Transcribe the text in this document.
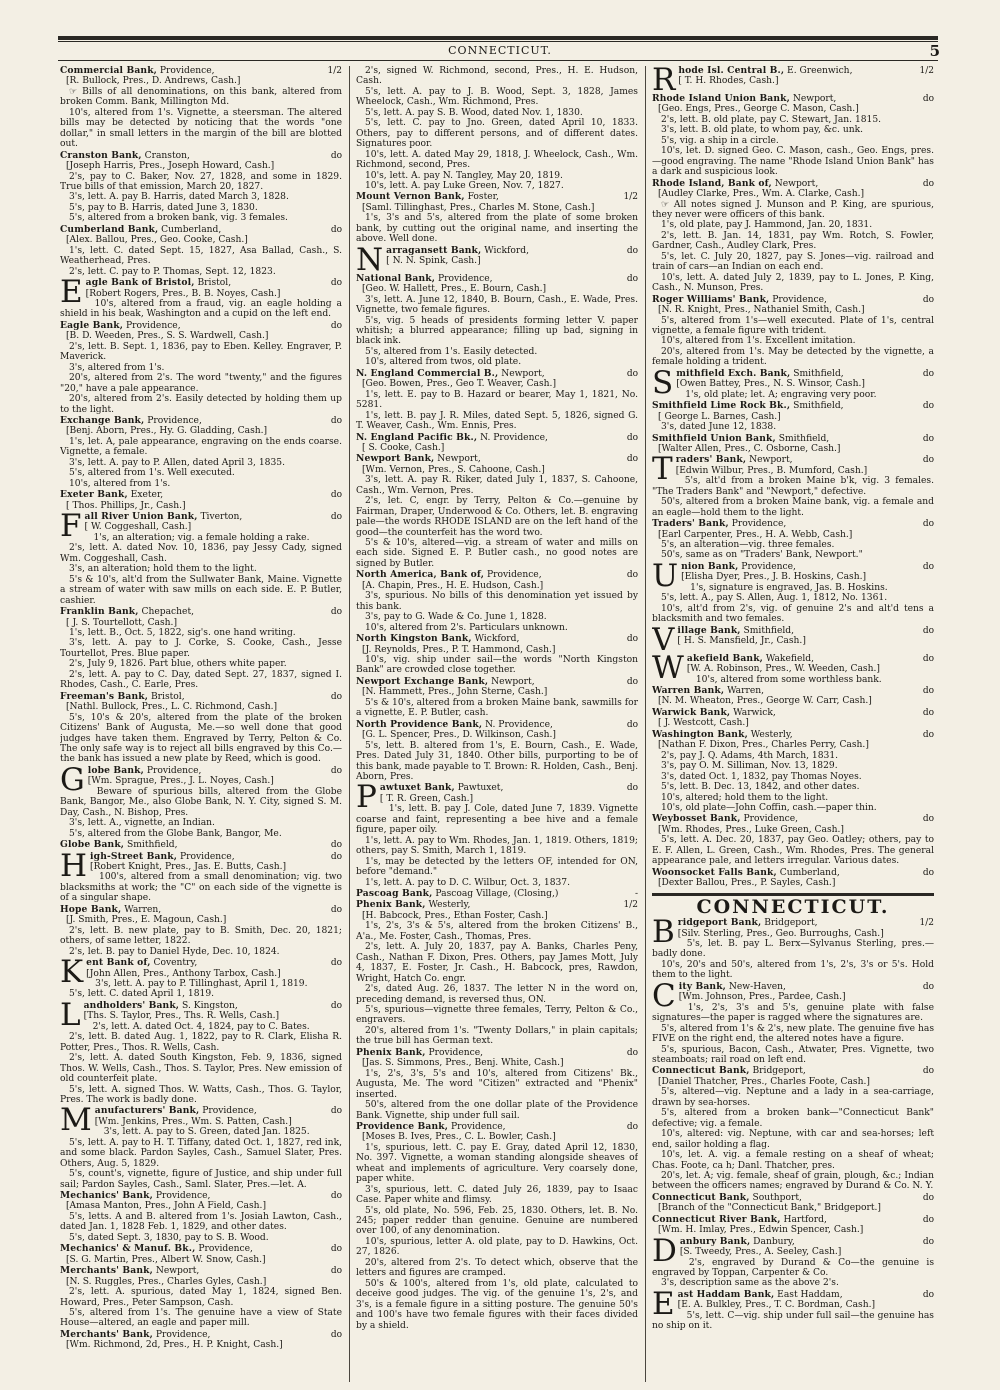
CONNECTICUT.	5
Commercial Bank, Providence,	1/2
[R. Bullock, Pres., D. Andrews, Cash.]
☞ Bills of all denominations, on this bank, altered from broken Comm. Bank, Millington Md.
10's, altered from 1's. Vignette, a steersman. The altered bills may be detected by noticing that the words "one dollar," in small letters in the margin of the bill are blotted out.
Cranston Bank, Cranston,	do
[Joseph Harris, Pres., Joseph Howard, Cash.]
2's, pay to C. Baker, Nov. 27, 1828, and some in 1829. True bills of that emission, March 20, 1827.
3's, lett. A. pay B. Harris, dated March 3, 1828.
5's, pay to B. Harris, dated June 3, 1830.
5's, altered from a broken bank, vig. 3 females.
Cumberland Bank, Cumberland,	do
[Alex. Ballou, Pres., Geo. Cooke, Cash.]
1's, lett. C. dated Sept. 15, 1827, Asa Ballad, Cash., S. Weatherhead, Pres.
2's, lett. C. pay to P. Thomas, Sept. 12, 1823.
Eagle Bank of Bristol, Bristol,	do
[Robert Rogers, Pres., B. B. Noyes, Cash.]
10's, altered from a fraud, vig. an eagle holding a shield in his beak, Washington and a cupid on the left end.
Eagle Bank, Providence,	do
[B. D. Weeden, Pres., S. S. Wardwell, Cash.]
2's, lett. B. Sept. 1, 1836, pay to Eben. Kelley. Engraver, P. Maverick.
3's, altered from 1's.
20's, altered from 2's. The word "twenty," and the figures "20," have a pale appearance.
20's, altered from 2's. Easily detected by holding them up to the light.
Exchange Bank, Providence,	do
[Benj. Aborn, Pres., Hy. G. Gladding, Cash.]
1's, let. A, pale appearance, engraving on the ends coarse. Vignette, a female.
3's, lett. A. pay to P. Allen, dated April 3, 1835.
5's, altered from 1's. Well executed.
10's, altered from 1's.
Exeter Bank, Exeter,	do
[ Thos. Phillips, Jr., Cash.]
Fall River Union Bank, Tiverton,	do
[ W. Coggeshall, Cash.]
1's, an alteration; vig. a female holding a rake.
2's, lett. A. dated Nov. 10, 1836, pay Jessy Cady, signed Wm. Coggeshall, Cash.
3's, an alteration; hold them to the light.
5's & 10's, alt'd from the Sullwater Bank, Maine. Vignette a stream of water with saw mills on each side. E. P. Butler, cashier.
Franklin Bank, Chepachet,	do
[ J. S. Tourtellott, Cash.]
1's, lett. B., Oct. 5, 1822, sig's. one hand writing.
3's, lett. A. pay to J. Corke, S. Cooke, Cash., Jesse Tourtellot, Pres. Blue paper.
2's, July 9, 1826. Part blue, others white paper.
2's, lett. A. pay to C. Day, dated Sept. 27, 1837, signed I. Rhodes, Cash., C. Earle, Pres.
Freeman's Bank, Bristol,	do
[Nathl. Bullock, Pres., L. C. Richmond, Cash.]
5's, 10's & 20's, altered from the plate of the broken Citizens' Bank of Augusta, Me.—so well done that good judges have taken them. Engraved by Terry, Pelton & Co. The only safe way is to reject all bills engraved by this Co.—the bank has issued a new plate by Reed, which is good.
Globe Bank, Providence,	do
[Wm. Sprague, Pres., J. L. Noyes, Cash.]
Beware of spurious bills, altered from the Globe Bank, Bangor, Me., also Globe Bank, N. Y. City, signed S. M. Day, Cash., N. Bishop, Pres.
3's, lett. A., vignette, an Indian.
5's, altered from the Globe Bank, Bangor, Me.
Globe Bank, Smithfield,	do
High-Street Bank, Providence,	do
[Robert Knight, Pres., Jas. E. Butts, Cash.]
100's, altered from a small denomination; vig. two blacksmiths at work; the "C" on each side of the vignette is of a singular shape.
Hope Bank, Warren,	do
[J. Smith, Pres., E. Magoun, Cash.]
2's, lett. B. new plate, pay to B. Smith, Dec. 20, 1821; others, of same letter, 1822.
2's, let. B. pay to Daniel Hyde, Dec. 10, 1824.
Kent Bank of, Coventry,	do
[John Allen, Pres., Anthony Tarbox, Cash.]
3's, lett. A. pay to P. Tillinghast, April 1, 1819.
5's, lett. C. dated April 1, 1819.
Landholders' Bank, S. Kingston,	do
[Ths. S. Taylor, Pres., Ths. R. Wells, Cash.]
2's, lett. A. dated Oct. 4, 1824, pay to C. Bates.
2's, lett. B. dated Aug. 1, 1822, pay to R. Clark, Elisha R. Potter, Pres., Thos. R. Wells, Cash.
2's, lett. A. dated South Kingston, Feb. 9, 1836, signed Thos. W. Wells, Cash., Thos. S. Taylor, Pres. New emission of old counterfeit plate.
5's, lett. A. signed Thos. W. Watts, Cash., Thos. G. Taylor, Pres. The work is badly done.
Manufacturers' Bank, Providence,	do
[Wm. Jenkins, Pres., Wm. S. Patten, Cash.]
3's, lett. A. pay to S. Green, dated Jan. 1825.
5's, lett. A. pay to H. T. Tiffany, dated Oct. 1, 1827, red ink, and some black. Pardon Sayles, Cash., Samuel Slater, Pres. Others, Aug. 5, 1829.
5's, count's, vignette, figure of Justice, and ship under full sail; Pardon Sayles, Cash., Saml. Slater, Pres.—let. A.
Mechanics' Bank, Providence,	do
[Amasa Manton, Pres., John A Field, Cash.]
5's, letts. A and B. altered from 1's. Josiah Lawton, Cash., dated Jan. 1, 1828 Feb. 1, 1829, and other dates.
5's, dated Sept. 3, 1830, pay to S. B. Wood.
Mechanics' & Manuf. Bk., Providence,	do
[S. G. Martin, Pres., Albert W. Snow, Cash.]
Merchants' Bank, Newport,	do
[N. S. Ruggles, Pres., Charles Gyles, Cash.]
2's, lett. A. spurious, dated May 1, 1824, signed Ben. Howard, Pres., Peter Sampson, Cash.
5's, altered from 1's. The genuine have a view of State House—altered, an eagle and paper mill.
Merchants' Bank, Providence,	do
[Wm. Richmond, 2d, Pres., H. P. Knight, Cash.]
2's, signed W. Richmond, second, Pres., H. E. Hudson, Cash.
5's, lett. A. pay to J. B. Wood, Sept. 3, 1828, James Wheelock, Cash., Wm. Richmond, Pres.
5's, lett. A. pay S. B. Wood, dated Nov. 1, 1830.
5's, lett. C. pay to Jno. Green, dated April 10, 1833. Others, pay to different persons, and of different dates. Signatures poor.
10's, lett. A. dated May 29, 1818, J. Wheelock, Cash., Wm. Richmond, second, Pres.
10's, lett. A. pay N. Tangley, May 20, 1819.
10's, lett. A. pay Luke Green, Nov. 7, 1827.
Mount Vernon Bank, Foster,	1/2
[Saml. Tillinghast, Pres., Charles M. Stone, Cash.]
1's, 3's and 5's, altered from the plate of some broken bank, by cutting out the original name, and inserting the above. Well done.
Narragansett Bank, Wickford,	do
[ N. N. Spink, Cash.]
National Bank, Providence,	do
[Geo. W. Hallett, Pres., E. Bourn, Cash.]
3's, lett. A. June 12, 1840, B. Bourn, Cash., E. Wade, Pres. Vignette, two female figures.
5's, vig. 5 heads of presidents forming letter V. paper whitish; a blurred appearance; filling up bad, signing in black ink.
5's, altered from 1's. Easily detected.
10's, altered from twos, old plate.
N. England Commercial B., Newport,	do
[Geo. Bowen, Pres., Geo T. Weaver, Cash.]
1's, lett. E. pay to B. Hazard or bearer, May 1, 1821, No. 5281.
1's, lett. B. pay J. R. Miles, dated Sept. 5, 1826, signed G. T. Weaver, Cash., Wm. Ennis, Pres.
N. England Pacific Bk., N. Providence,	do
[ S. Cooke, Cash.]
Newport Bank, Newport,	do
[Wm. Vernon, Pres., S. Cahoone, Cash.]
3's, lett. A. pay R. Riker, dated July 1, 1837, S. Cahoone, Cash., Wm. Vernon, Pres.
2's, let. C, engr. by Terry, Pelton & Co.—genuine by Fairman, Draper, Underwood & Co. Others, let. B. engraving pale—the words RHODE ISLAND are on the left hand of the good—the counterfeit has the word two.
5's & 10's, altered—vig. a stream of water and mills on each side. Signed E. P. Butler cash., no good notes are signed by Butler.
North America, Bank of, Providence,	do
[A. Chapin, Pres., H. E. Hudson, Cash.]
3's, spurious. No bills of this denomination yet issued by this bank.
3's, pay to G. Wade & Co. June 1, 1828.
10's, altered from 2's. Particulars unknown.
North Kingston Bank, Wickford,	do
[J. Reynolds, Pres., P. T. Hammond, Cash.]
10's, vig. ship under sail—the words "North Kingston Bank" are crowded close together.
Newport Exchange Bank, Newport,	do
[N. Hammett, Pres., John Sterne, Cash.]
5's & 10's, altered from a broken Maine bank, sawmills for a vignette, E. P. Butler, cash.
North Providence Bank, N. Providence,	do
[G. L. Spencer, Pres., D. Wilkinson, Cash.]
5's, lett. B. altered from 1's, E. Bourn, Cash., E. Wade, Pres. Dated July 31, 1840. Other bills, purporting to be of this bank, made payable to T. Brown: R. Holden, Cash., Benj. Aborn, Pres.
Pawtuxet Bank, Pawtuxet,	do
[ T. R. Green, Cash.]
1's, lett. B. pay J. Cole, dated June 7, 1839. Vignette coarse and faint, representing a bee hive and a female figure, paper oily.
1's, lett. A. pay to Wm. Rhodes, Jan. 1, 1819. Others, 1819; others, pay S. Smith, March 1, 1819.
1's, may be detected by the letters OF, intended for ON, before "demand."
1's, lett. A. pay to D. C. Wilbur, Oct. 3, 1837.
Pascoag Bank, Pascoag Village, (Closing,)	-
Phenix Bank, Westerly,	1/2
[H. Babcock, Pres., Ethan Foster, Cash.]
1's, 2's, 3's & 5's, altered from the broken Citizens' B., A'a., Me. Foster, Cash., Thomas, Pres.
2's, lett. A. July 20, 1837, pay A. Banks, Charles Peny, Cash., Nathan F. Dixon, Pres. Others, pay James Mott, July 4, 1837, E. Foster, Jr. Cash., H. Babcock, pres, Rawdon, Wright, Hatch Co. engr.
2's, dated Aug. 26, 1837. The letter N in the word on, preceding demand, is reversed thus, ON.
5's, spurious—vignette three females, Terry, Pelton & Co., engravers.
20's, altered from 1's. "Twenty Dollars," in plain capitals; the true bill has German text.
Phenix Bank, Providence,	do
[Jas. S. Simmons, Pres., Benj. White, Cash.]
1's, 2's, 3's, 5's and 10's, altered from Citizens' Bk., Augusta, Me. The word "Citizen" extracted and "Phenix" inserted.
50's, altered from the one dollar plate of the Providence Bank. Vignette, ship under full sail.
Providence Bank, Providence,	do
[Moses B. Ives, Pres., C. L. Bowler, Cash.]
1's, spurious, lett. C. pay E. Gray, dated April 12, 1830, No. 397. Vignette, a woman standing alongside sheaves of wheat and implements of agriculture. Very coarsely done, paper white.
3's, spurious, lett. C. dated July 26, 1839, pay to Isaac Case. Paper white and flimsy.
5's, old plate, No. 596, Feb. 25, 1830. Others, let. B. No. 245; paper redder than genuine. Genuine are numbered over 100, of any denomination.
10's, spurious, letter A. old plate, pay to D. Hawkins, Oct. 27, 1826.
20's, altered from 2's. To detect which, observe that the letters and figures are cramped.
50's & 100's, altered from 1's, old plate, calculated to deceive good judges. The vig. of the genuine 1's, 2's, and 3's, is a female figure in a sitting posture. The genuine 50's and 100's have two female figures with their faces divided by a shield.
Rhode Isl. Central B., E. Greenwich,	1/2
[ T. H. Rhodes, Cash.]
Rhode Island Union Bank, Newport,	do
[Geo. Engs, Pres., George C. Mason, Cash.]
2's, lett. B. old plate, pay C. Stewart, Jan. 1815.
3's, lett. B. old plate, to whom pay, &c. unk.
5's, vig. a ship in a circle.
10's, let. D. signed Geo. C. Mason, cash., Geo. Engs, pres.—good engraving. The name "Rhode Island Union Bank" has a dark and suspicious look.
Rhode Island, Bank of, Newport,	do
[Audley Clarke, Pres., Wm. A. Clarke, Cash.]
☞ All notes signed J. Munson and P. King, are spurious, they never were officers of this bank.
1's, old plate, pay J. Hammond, Jan. 20, 1831.
2's, lett. B. Jan. 14, 1831, pay Wm. Rotch, S. Fowler, Gardner, Cash., Audley Clark, Pres.
5's, let. C. July 20, 1827, pay S. Jones—vig. railroad and train of cars—an Indian on each end.
10's, lett. A. dated July 2, 1839, pay to L. Jones, P. King, Cash., N. Munson, Pres.
Roger Williams' Bank, Providence,	do
[N. R. Knight, Pres., Nathaniel Smith, Cash.]
5's, altered from 1's—well executed. Plate of 1's, central vignette, a female figure with trident.
10's, altered from 1's. Excellent imitation.
20's, altered from 1's. May be detected by the vignette, a female holding a trident.
Smithfield Exch. Bank, Smithfield,	do
[Owen Battey, Pres., N. S. Winsor, Cash.]
1's, old plate; let. A; engraving very poor.
Smithfield Lime Rock Bk., Smithfield,	do
[ George L. Barnes, Cash.]
3's, dated June 12, 1838.
Smithfield Union Bank, Smithfield,	do
[Walter Allen, Pres., C. Osborne, Cash.]
Traders' Bank, Newport,	do
[Edwin Wilbur, Pres., B. Mumford, Cash.]
5's, alt'd from a broken Maine b'k, vig. 3 females. "The Traders Bank" and "Newport," defective.
50's, altered from a broken Maine bank, vig. a female and an eagle—hold them to the light.
Traders' Bank, Providence,	do
[Earl Carpenter, Pres., H. A. Webb, Cash.]
5's, an alteration—vig. three females.
50's, same as on "Traders' Bank, Newport."
Union Bank, Providence,	do
[Elisha Dyer, Pres., J. B. Hoskins, Cash.]
1's, signature is engraved, Jas. B. Hoskins.
5's, lett. A., pay S. Allen, Aug. 1, 1812, No. 1361.
10's, alt'd from 2's, vig. of genuine 2's and alt'd tens a blacksmith and two females.
Village Bank, Smithfield,	do
[ H. S. Mansfield, Jr., Cash.]
Wakefield Bank, Wakefield,	do
[W. A. Robinson, Pres., W. Weeden, Cash.]
10's, altered from some worthless bank.
Warren Bank, Warren,	do
[N. M. Wheaton, Pres., George W. Carr, Cash.]
Warwick Bank, Warwick,	do
[ J. Westcott, Cash.]
Washington Bank, Westerly,	do
[Nathan F. Dixon, Pres., Charles Perry, Cash.]
2's, pay J. Q. Adams, 4th March, 1831.
3's, pay O. M. Silliman, Nov. 13, 1829.
3's, dated Oct. 1, 1832, pay Thomas Noyes.
5's, lett. B. Dec. 13, 1842, and other dates.
10's, altered; hold them to the light.
10's, old plate—John Coffin, cash.—paper thin.
Weybosset Bank, Providence,	do
[Wm. Rhodes, Pres., Luke Green, Cash.]
5's, lett. A. Dec. 20, 1837, pay Geo. Oatley; others, pay to E. F. Allen, L. Green, Cash., Wm. Rhodes, Pres. The general appearance pale, and letters irregular. Various dates.
Woonsocket Falls Bank, Cumberland,	do
[Dexter Ballou, Pres., P. Sayles, Cash.]
CONNECTICUT.
Bridgeport Bank, Bridgeport,	1/2
[Silv. Sterling, Pres., Geo. Burroughs, Cash.]
5's, let. B. pay L. Berx—Sylvanus Sterling, pres.—badly done.
10's, 20's and 50's, altered from 1's, 2's, 3's or 5's. Hold them to the light.
City Bank, New-Haven,	do
[Wm. Johnson, Pres., Pardee, Cash.]
1's, 2's, 3's and 5's, genuine plate with false signatures—the paper is ragged where the signatures are.
5's, altered from 1's & 2's, new plate. The genuine five has FIVE on the right end, the altered notes have a figure.
5's, spurious, Bacon, Cash., Atwater, Pres. Vignette, two steamboats; rail road on left end.
Connecticut Bank, Bridgeport,	do
[Daniel Thatcher, Pres., Charles Foote, Cash.]
5's, altered—vig. Neptune and a lady in a sea-carriage, drawn by sea-horses.
5's, altered from a broken bank—"Connecticut Bank" defective; vig. a female.
10's, altered: vig. Neptune, with car and sea-horses; left end, sailor holding a flag.
10's, let. A. vig. a female resting on a sheaf of wheat; Chas. Foote, ca h; Danl. Thatcher, pres.
20's, let. A; vig. female, sheaf of grain, plough, &c.; Indian between the officers names; engraved by Durand & Co. N. Y.
Connecticut Bank, Southport,	do
[Branch of the "Connecticut Bank," Bridgeport.]
Connecticut River Bank, Hartford,	do
[Wm. H. Imlay, Pres., Edwin Spencer, Cash.]
Danbury Bank, Danbury,	do
[S. Tweedy, Pres., A. Seeley, Cash.]
2's, engraved by Durand & Co—the genuine is engraved by Toppan, Carpenter & Co.
3's, description same as the above 2's.
East Haddam Bank, East Haddam,	do
[E. A. Bulkley, Pres., T. C. Bordman, Cash.]
5's, lett. C—vig. ship under full sail—the genuine has no ship on it.
